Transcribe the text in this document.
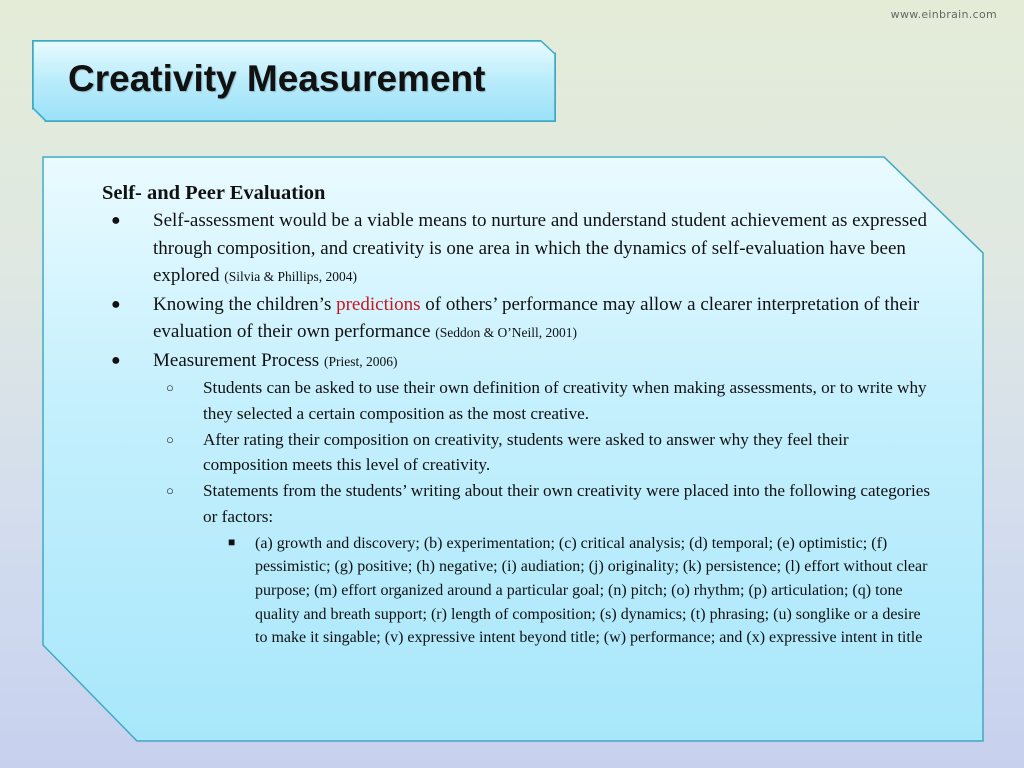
www.einbrain.com
Creativity Measurement
Self- and Peer Evaluation
● Self-assessment would be a viable means to nurture and understand student achievement as expressed through composition, and creativity is one area in which the dynamics of self-evaluation have been explored (Silvia & Phillips, 2004)
● Knowing the children’s predictions of others’ performance may allow a clearer interpretation of their evaluation of their own performance (Seddon & O’Neill, 2001)
● Measurement Process (Priest, 2006)
○ Students can be asked to use their own definition of creativity when making assessments, or to write why they selected a certain composition as the most creative.
○ After rating their composition on creativity, students were asked to answer why they feel their composition meets this level of creativity.
○ Statements from the students’ writing about their own creativity were placed into the following categories or factors:
■ (a) growth and discovery; (b) experimentation; (c) critical analysis; (d) temporal; (e) optimistic; (f) pessimistic; (g) positive; (h) negative; (i) audiation; (j) originality; (k) persistence; (l) effort without clear purpose; (m) effort organized around a particular goal; (n) pitch; (o) rhythm; (p) articulation; (q) tone quality and breath support; (r) length of composition; (s) dynamics; (t) phrasing; (u) songlike or a desire to make it singable; (v) expressive intent beyond title; (w) performance; and (x) expressive intent in title
